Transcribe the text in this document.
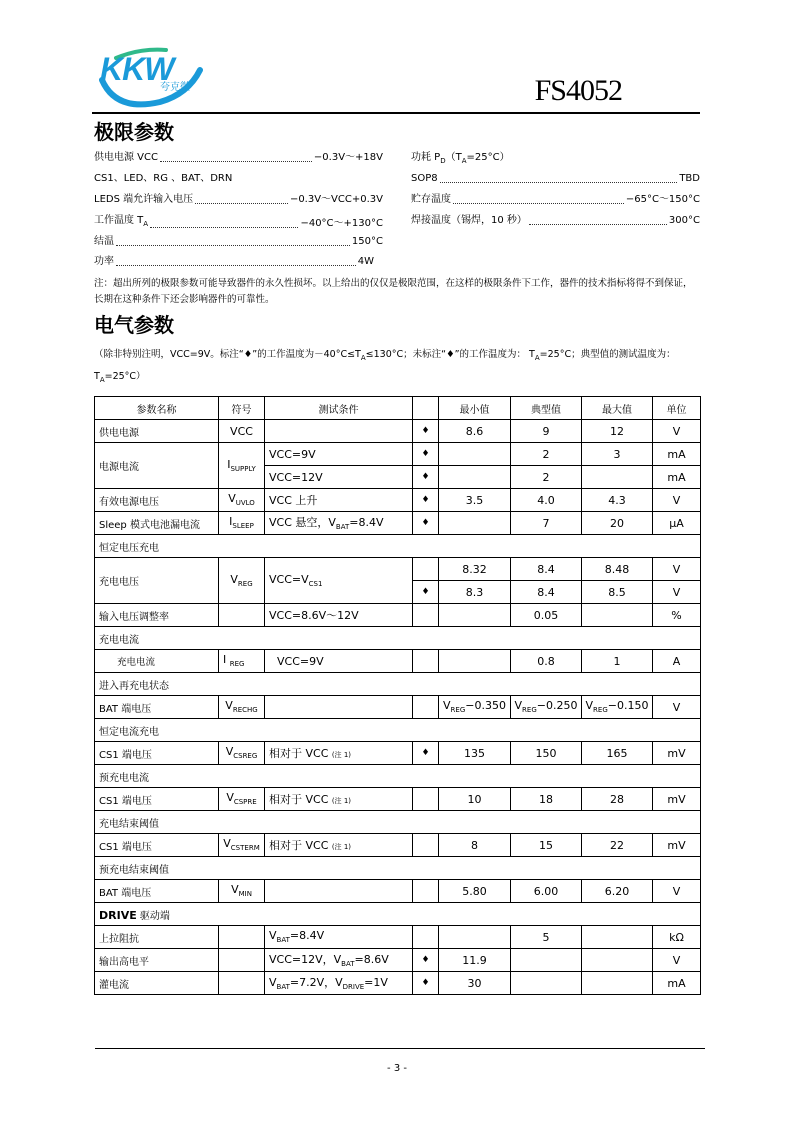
KKW
夸克微	FS4052
极限参数
供电电源 VCC	−0.3V～+18V
CS1、LED、RG 、BAT、DRN
LEDS 端允许输入电压	−0.3V～VCC+0.3V
工作温度 $T_A$	−40°C～+130°C
结温	150°C
功率	4W
功耗 $P_D(T_A=25^\circ C)$
SOP8	TBD
贮存温度	−65°C～150°C
焊接温度（锡焊，10 秒）	300°C
注：超出所列的极限参数可能导致器件的永久性损坏。以上给出的仅仅是极限范围，在这样的极限条件下工作，器件的技术指标将得不到保证，
长期在这种条件下还会影响器件的可靠性。
电气参数
（除非特别注明，VCC=9V。标注“♦”的工作温度为$-40^\circ C\le T_A\le 130^\circ C$；未标注“♦”的工作温度为： $T_A=25^\circ C$；典型值的测试温度为：
$T_A=25^\circ C$）
参数名称	符号	测试条件		最小值	典型值	最大值	单位
供电电源	VCC		♦	8.6	9	12	V
电源电流	$I_{SUPPLY}$	VCC=9V	♦		2	3	mA
		VCC=12V	♦		2		mA
有效电源电压	$V_{UVLO}$	VCC 上升	♦	3.5	4.0	4.3	V
Sleep 模式电池漏电流	$I_{SLEEP}$	VCC 悬空，$V_{BAT}=8.4V$	♦		7	20	μA
恒定电压充电							
充电电压	$V_{REG}$	$VCC=V_{CS1}$		8.32	8.4	8.48	V
			♦	8.3	8.4	8.5	V
输入电压调整率		VCC=8.6V～12V			0.05		%
充电电流							
充电电流	I $_{REG}$	VCC=9V			0.8	1	A
进入再充电状态							
BAT 端电压	$V_{RECHG}$			$V_{REG}-0.350$	$V_{REG}-0.250$	$V_{REG}-0.150$	V
恒定电流充电							
CS1 端电压	$V_{CSREG}$	相对于 VCC (注 1)	♦	135	150	165	mV
预充电电流							
CS1 端电压	$V_{CSPRE}$	相对于 VCC (注 1)		10	18	28	mV
充电结束阈值							
CS1 端电压	$V_{CSTERM}$	相对于 VCC (注 1)		8	15	22	mV
预充电结束阈值							
BAT 端电压	$V_{MIN}$			5.80	6.00	6.20	V
DRIVE 驱动端							
上拉阻抗		$V_{BAT}=8.4V$			5		kΩ
输出高电平		VCC=12V，$V_{BAT}=8.6V$	♦	11.9			V
灌电流		$V_{BAT}=7.2V$，$V_{DRIVE}=1V$	♦	30			mA
- 3 -
